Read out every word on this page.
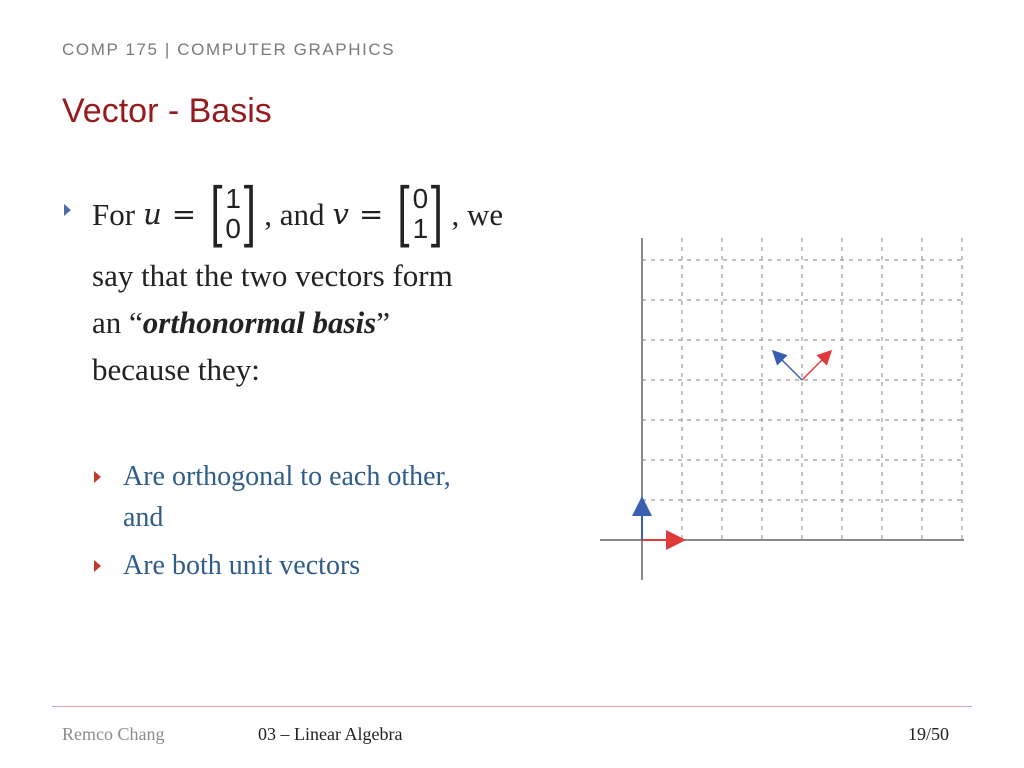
COMP 175 | COMPUTER GRAPHICS
Vector - Basis
For u = [ 1
0 ] , and v = [ 0
1 ] , we
say that the two vectors form
an “orthonormal basis”
because they:
Are orthogonal to each other,
and
Are both unit vectors
Remco Chang	03 – Linear Algebra	19/50
